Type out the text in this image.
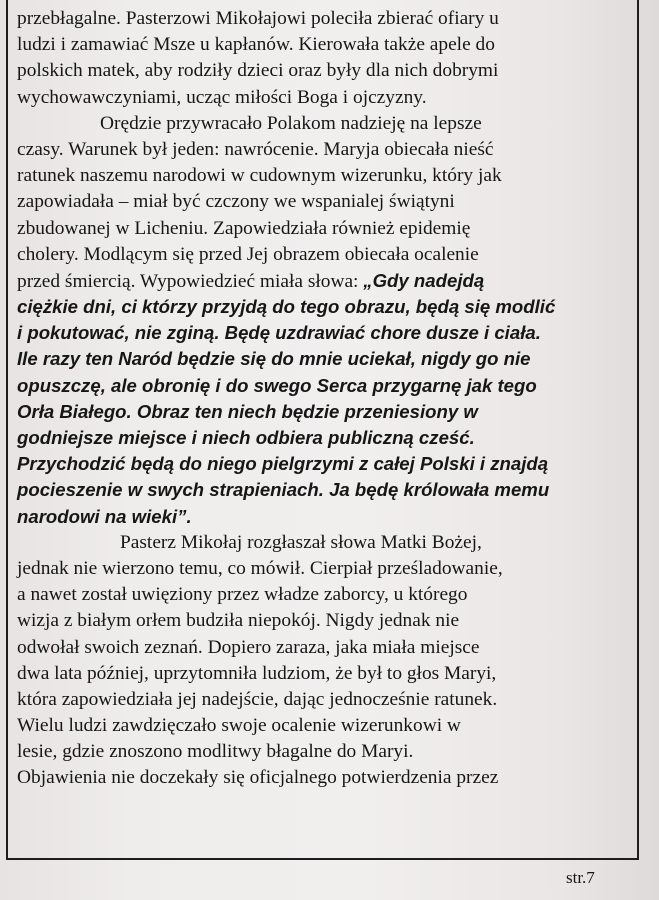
przebłagalne. Pasterzowi Mikołajowi poleciła zbierać ofiary u
ludzi i zamawiać Msze u kapłanów. Kierowała także apele do
polskich matek, aby rodziły dzieci oraz były dla nich dobrymi
wychowawczyniami, ucząc miłości Boga i ojczyzny.
Orędzie przywracało Polakom nadzieję na lepsze
czasy. Warunek był jeden: nawrócenie. Maryja obiecała nieść
ratunek naszemu narodowi w cudownym wizerunku, który jak
zapowiadała – miał być czczony we wspanialej świątyni
zbudowanej w Licheniu. Zapowiedziała również epidemię
cholery. Modlącym się przed Jej obrazem obiecała ocalenie
przed śmiercią. Wypowiedzieć miała słowa: „Gdy nadejdą
ciężkie dni, ci którzy przyjdą do tego obrazu, będą się modlić
i pokutować, nie zginą. Będę uzdrawiać chore dusze i ciała.
Ile razy ten Naród będzie się do mnie uciekał, nigdy go nie
opuszczę, ale obronię i do swego Serca przygarnę jak tego
Orła Białego. Obraz ten niech będzie przeniesiony w
godniejsze miejsce i niech odbiera publiczną cześć.
Przychodzić będą do niego pielgrzymi z całej Polski i znajdą
pocieszenie w swych strapieniach. Ja będę królowała memu
narodowi na wieki”.
Pasterz Mikołaj rozgłaszał słowa Matki Bożej,
jednak nie wierzono temu, co mówił. Cierpiał prześladowanie,
a nawet został uwięziony przez władze zaborcy, u którego
wizja z białym orłem budziła niepokój. Nigdy jednak nie
odwołał swoich zeznań. Dopiero zaraza, jaka miała miejsce
dwa lata później, uprzytomniła ludziom, że był to głos Maryi,
która zapowiedziała jej nadejście, dając jednocześnie ratunek.
Wielu ludzi zawdzięczało swoje ocalenie wizerunkowi w
lesie, gdzie znoszono modlitwy błagalne do Maryi.
Objawienia nie doczekały się oficjalnego potwierdzenia przez
str.7
